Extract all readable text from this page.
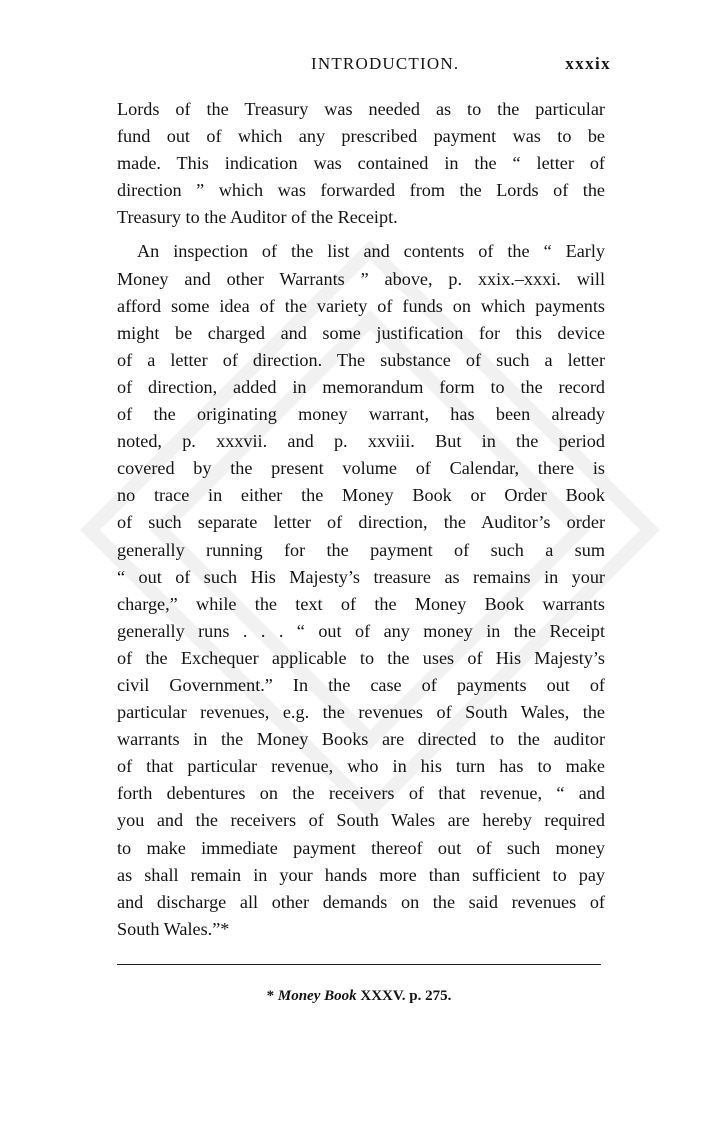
INTRODUCTION.	xxxix
Lords of the Treasury was needed as to the particular
fund out of which any prescribed payment was to be
made. This indication was contained in the “ letter of
direction ” which was forwarded from the Lords of the
Treasury to the Auditor of the Receipt.
An inspection of the list and contents of the “ Early
Money and other Warrants ” above, p. xxix.–xxxi. will
afford some idea of the variety of funds on which payments
might be charged and some justification for this device
of a letter of direction. The substance of such a letter
of direction, added in memorandum form to the record
of the originating money warrant, has been already
noted, p. xxxvii. and p. xxviii. But in the period
covered by the present volume of Calendar, there is
no trace in either the Money Book or Order Book
of such separate letter of direction, the Auditor’s order
generally running for the payment of such a sum
“ out of such His Majesty’s treasure as remains in your
charge,” while the text of the Money Book warrants
generally runs . . . “ out of any money in the Receipt
of the Exchequer applicable to the uses of His Majesty’s
civil Government.” In the case of payments out of
particular revenues, e.g. the revenues of South Wales, the
warrants in the Money Books are directed to the auditor
of that particular revenue, who in his turn has to make
forth debentures on the receivers of that revenue, “ and
you and the receivers of South Wales are hereby required
to make immediate payment thereof out of such money
as shall remain in your hands more than sufficient to pay
and discharge all other demands on the said revenues of
South Wales.”*
* Money Book XXXV. p. 275.
